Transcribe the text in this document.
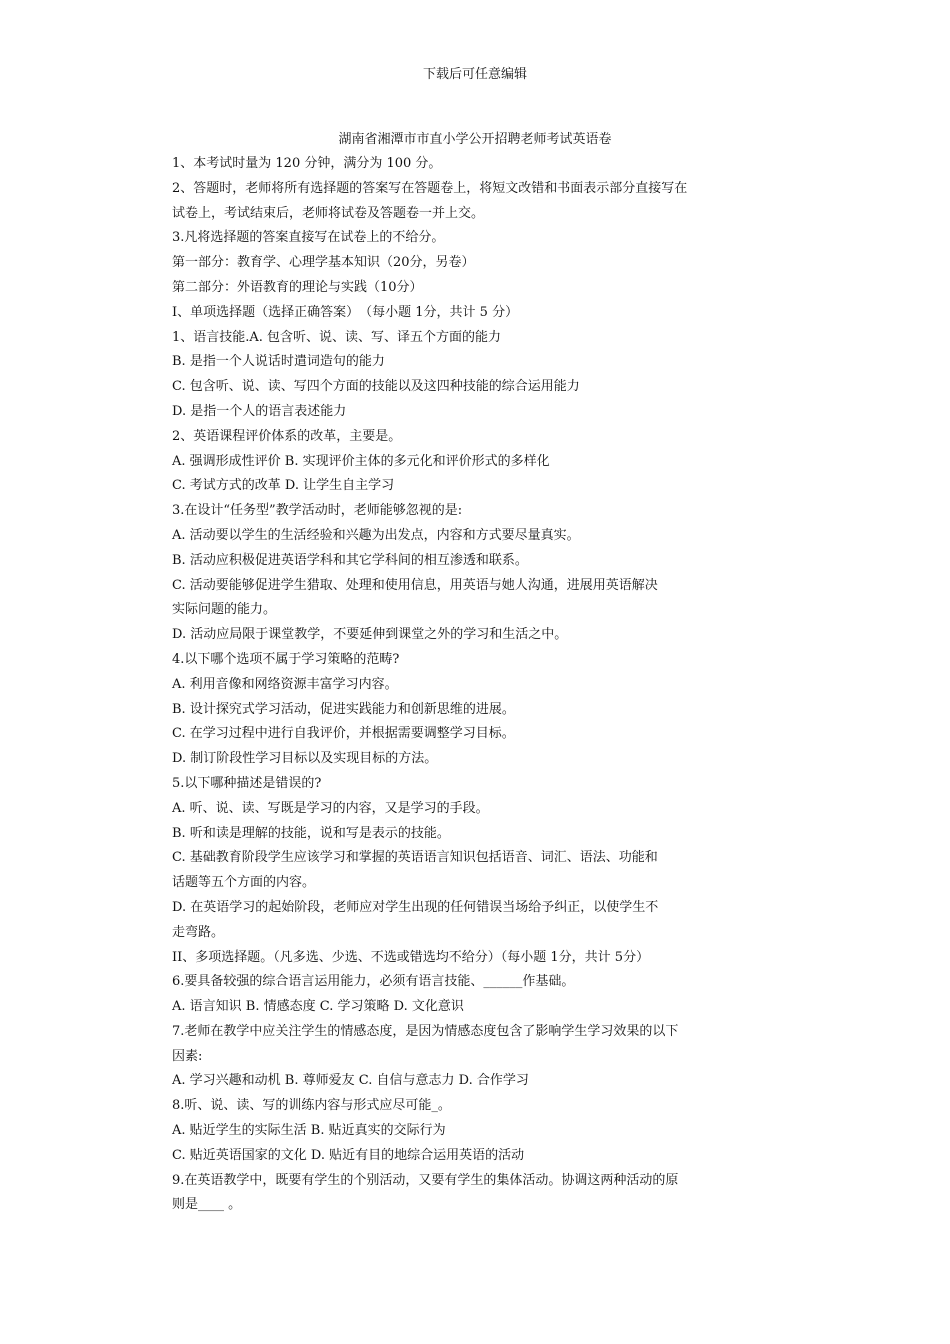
下载后可任意编辑
湖南省湘潭市市直小学公开招聘老师考试英语卷
1、本考试时量为 120 分钟，满分为 100 分。
2、答题时，老师将所有选择题的答案写在答题卷上，将短文改错和书面表示部分直接写在
试卷上，考试结束后，老师将试卷及答题卷一并上交。
3.凡将选择题的答案直接写在试卷上的不给分。
第一部分：教育学、心理学基本知识（20分，另卷）
第二部分：外语教育的理论与实践（10分）
I、单项选择题（选择正确答案）　（每小题 1分，共计 5 分）
1、语言技能.A. 包含听、说、读、写、译五个方面的能力
B. 是指一个人说话时遣词造句的能力
C. 包含听、说、读、写四个方面的技能以及这四种技能的综合运用能力
D. 是指一个人的语言表述能力
2、英语课程评价体系的改革，主要是。
A. 强调形成性评价 B. 实现评价主体的多元化和评价形式的多样化
C. 考试方式的改革 D. 让学生自主学习
3.在设计“任务型”教学活动时，老师能够忽视的是:
A. 活动要以学生的生活经验和兴趣为出发点，内容和方式要尽量真实。
B. 活动应积极促进英语学科和其它学科间的相互渗透和联系。
C. 活动要能够促进学生猎取、处理和使用信息，用英语与她人沟通，进展用英语解决
实际问题的能力。
D. 活动应局限于课堂教学，不要延伸到课堂之外的学习和生活之中。
4.以下哪个选项不属于学习策略的范畴?
A. 利用音像和网络资源丰富学习内容。
B. 设计探究式学习活动，促进实践能力和创新思维的进展。
C. 在学习过程中进行自我评价，并根据需要调整学习目标。
D. 制订阶段性学习目标以及实现目标的方法。
5.以下哪种描述是错误的?
A. 听、说、读、写既是学习的内容，又是学习的手段。
B. 听和读是理解的技能，说和写是表示的技能。
C. 基础教育阶段学生应该学习和掌握的英语语言知识包括语音、词汇、语法、功能和
话题等五个方面的内容。
D. 在英语学习的起始阶段，老师应对学生出现的任何错误当场给予纠正，以使学生不
走弯路。
II、多项选择题。（凡多选、少选、不选或错选均不给分）（每小题 1分，共计 5分）
6.要具备较强的综合语言运用能力，必须有语言技能、______作基础。
A. 语言知识 B. 情感态度 C. 学习策略 D. 文化意识
7.老师在教学中应关注学生的情感态度，是因为情感态度包含了影响学生学习效果的以下
因素:
A. 学习兴趣和动机 B. 尊师爱友 C. 自信与意志力 D. 合作学习
8.听、说、读、写的训练内容与形式应尽可能_。
A. 贴近学生的实际生活 B. 贴近真实的交际行为
C. 贴近英语国家的文化 D. 贴近有目的地综合运用英语的活动
9.在英语教学中，既要有学生的个别活动，又要有学生的集体活动。协调这两种活动的原
则是____ 。
